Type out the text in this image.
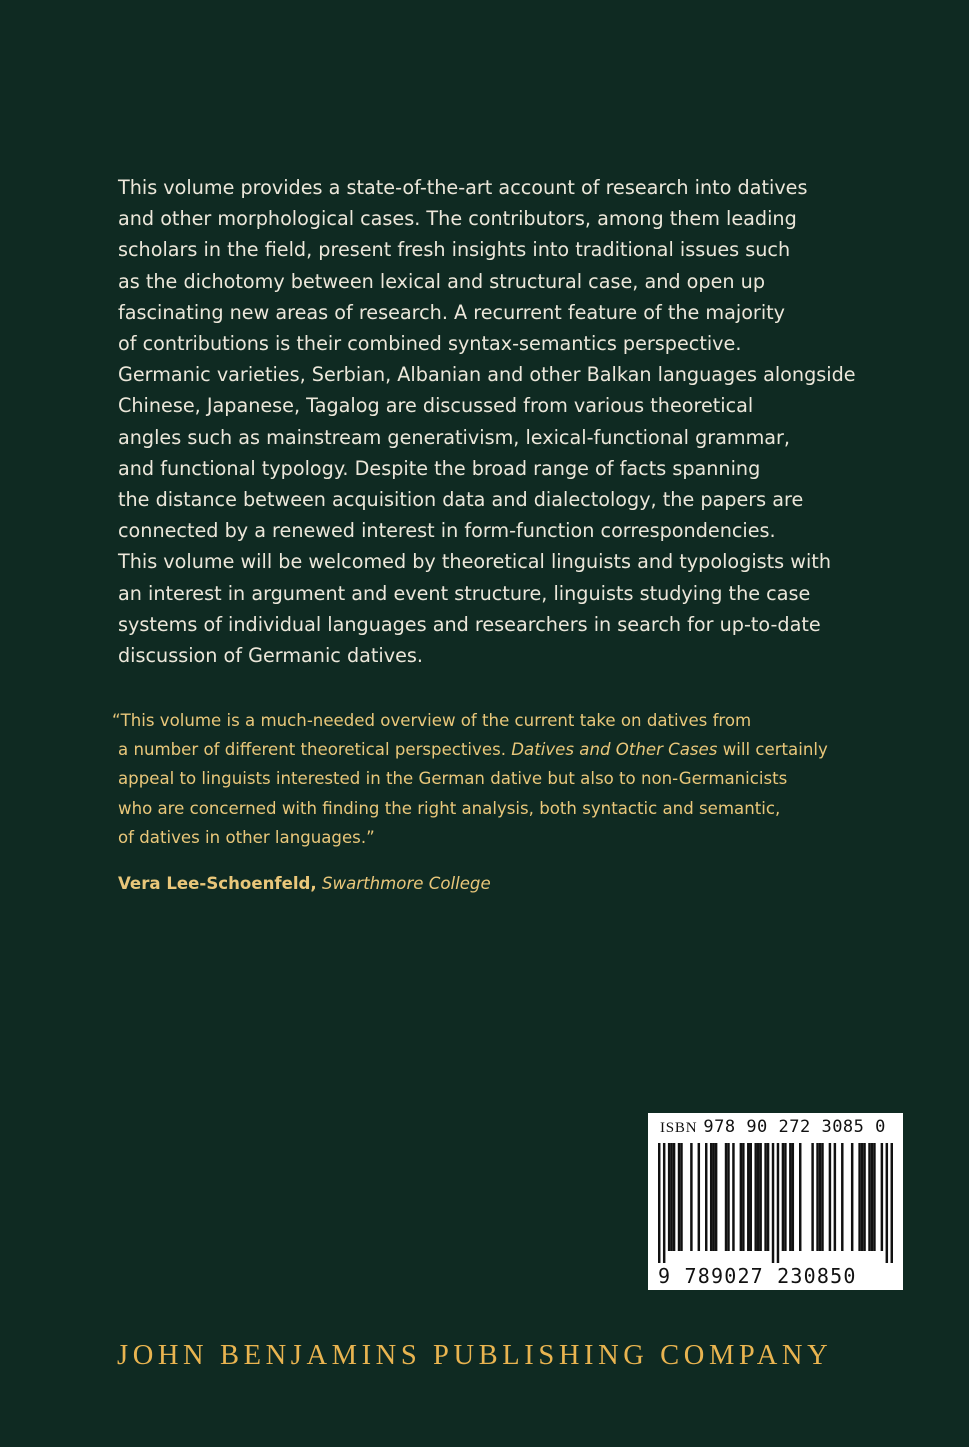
This volume provides a state-of-the-art account of research into datives
and other morphological cases. The contributors, among them leading
scholars in the field, present fresh insights into traditional issues such
as the dichotomy between lexical and structural case, and open up
fascinating new areas of research. A recurrent feature of the majority
of contributions is their combined syntax-semantics perspective.
Germanic varieties, Serbian, Albanian and other Balkan languages alongside
Chinese, Japanese, Tagalog are discussed from various theoretical
angles such as mainstream generativism, lexical-functional grammar,
and functional typology. Despite the broad range of facts spanning
the distance between acquisition data and dialectology, the papers are
connected by a renewed interest in form-function correspondencies.
This volume will be welcomed by theoretical linguists and typologists with
an interest in argument and event structure, linguists studying the case
systems of individual languages and researchers in search for up-to-date
discussion of Germanic datives.
“This volume is a much-needed overview of the current take on datives from
a number of different theoretical perspectives. Datives and Other Cases will certainly
appeal to linguists interested in the German dative but also to non-Germanicists
who are concerned with finding the right analysis, both syntactic and semantic,
of datives in other languages.”
Vera Lee-Schoenfeld, Swarthmore College
ISBN 978 90 272 3085 0
9 789027 230850
JOHN BENJAMINS PUBLISHING COMPANY
